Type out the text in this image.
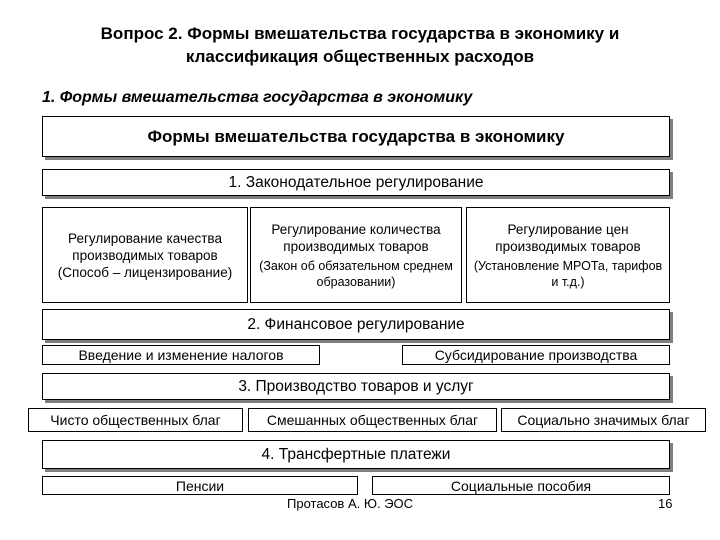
Вопрос 2. Формы вмешательства государства в экономику и
классификация общественных расходов
1. Формы вмешательства государства в экономику
Формы вмешательства государства в экономику
1. Законодательное регулирование
Регулирование качества производимых товаров (Способ – лицензирование)
Регулирование количества производимых товаров
(Закон об обязательном среднем образовании)
Регулирование цен производимых товаров
(Установление МРОТа, тарифов и т.д.)
2. Финансовое регулирование
Введение и изменение налогов	Субсидирование производства
3. Производство товаров и услуг
Чисто общественных благ	Смешанных общественных благ	Социально значимых благ
4. Трансфертные платежи
Пенсии	Социальные пособия
Протасов А. Ю. ЭОС	16
